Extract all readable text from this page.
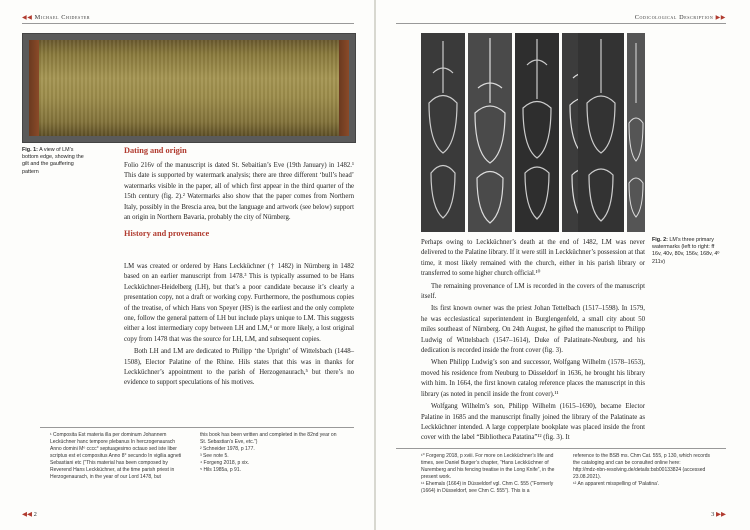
◀◀ Michael Chidester
Fig. 1: A view of LM’s bottom edge, showing the gilt and the gauffering pattern
Dating and origin

Folio 216v of the manuscript is dated St. Sebaitian’s Eve (19th January) in 1482.¹ This date is supported by watermark analysis; there are three different ‘bull’s head’ watermarks visible in the paper, all of which first appear in the third quarter of the 15th century (fig. 2).² Watermarks also show that the paper comes from Northern Italy, possibly in the Brescia area, but the language and artwork (see below) support an origin in Northern Bavaria, probably the city of Nürnberg.

History and provenance

LM was created or ordered by Hans Leckküchner († 1482) in Nürnberg in 1482 based on an earlier manuscript from 1478.³ This is typically assumed to be Hans Leckküchner-Heidelberg (LH), but that’s a poor candidate because it’s clearly a presentation copy, not a draft or working copy. Furthermore, the posthumous copies of the treatise, of which Hans von Speyer (HS) is the earliest and the only complete one, follow the general pattern of LH but include plays unique to LM. This suggests either a lost intermediary copy between LH and LM,⁴ or more likely, a lost original copy from 1478 that was the source for LH, LM, and subsequent copies.

Both LH and LM are dedicated to Philipp ‘the Upright’ of Wittelsbach (1448–1508), Elector Palatine of the Rhine. Hils states that this was in thanks for Leckküchner’s appointment to the parish of Herzogenaurach,⁵ but there’s no evidence to support speculations of his motives.

¹ Composita Est materia illa per dominum Johannem Lecküchner hanc tempore plebanus In herczogenaurach Anno domini Mº cccc° septuagesimo octauo sed iste liber scriptus est et compositus Anno 8° secundo In vigilia agneti Sebastiani etc (“This material has been composed by Reverend Hans Leckküchner, at the time parish priest in Herzogenaurach, in the year of our Lord 1478, but

this book has been written and completed in the 82nd year on St. Sebastian’s Eve, etc.”)

² Schneider 1978, p 177.

³ See note 5.

⁴ Forgeng 2018, p xix.

⁵ Hils 1985a, p 91.

◀◀ 2
Codicological Description ▶▶
Fig. 2: LM’s three primary watermarks (left to right: ff 16v, 40v, 80v, 156v, 168v, 4º 211v)

Perhaps owing to Leckküchner’s death at the end of 1482, LM was never delivered to the Palatine library. If it were still in Leckküchner’s possession at that time, it most likely remained with the church, either in his parish library or transferred to some higher church official.¹⁰

The remaining provenance of LM is recorded in the covers of the manuscript itself.

Its first known owner was the priest Johan Tettelbach (1517–1598). In 1579, he was ecclesiastical superintendent in Burglengenfeld, a small city about 50 miles southeast of Nürnberg. On 24th August, he gifted the manuscript to Philipp Ludwig of Wittelsbach (1547–1614), Duke of Palatinate-Neuburg, and his dedication is recorded inside the front cover (fig. 3).

When Philipp Ludwig’s son and successor, Wolfgang Wilhelm (1578–1653), moved his residence from Neuburg to Düsseldorf in 1636, he brought his library with him. In 1664, the first known catalog reference places the manuscript in this library (as noted in pencil inside the front cover).¹¹

Wolfgang Wilhelm’s son, Philipp Wilhelm (1615–1690), became Elector Palatine in 1685 and the manuscript finally joined the library of the Palatinate as Leckküchner intended. A large copperplate bookplate was placed inside the front cover with the label “Bibliotheca Patatina”¹² (fig. 3). It

¹⁰ Forgeng 2018, p xviii. For more on Leckküchner’s life and times, see Daniel Burger’s chapter, “Hans Leckküchner of Nuremberg and his fencing treatise in the Long Knife”, in the present work.

¹¹ Ehemals (1664) in Düsseldorf vgl. Chm C. 555 (“Formerly (1664) in Düsseldorf, see Chm C. 555”). This is a

reference to the BSB ms. Chm Cat. 555, p 130, which records the cataloging and can be consulted online here:

http://mdz-nbn-resolving.de/details:bsb00133824 (accessed 23.08.2021).

¹² An apparent misspelling of ‘Palatina’.

3 ▶▶
